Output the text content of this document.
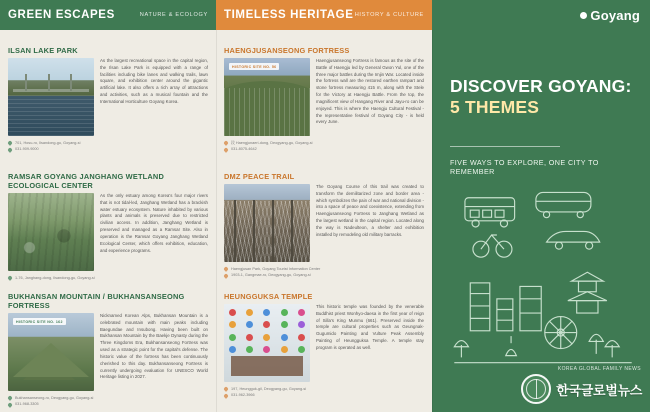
GREEN ESCAPES	NATURE & ECOLOGY TIMELESS HERITAGE HISTORY & CULTURE	Goyang
ILSAN LAKE PARK
As the largest recreational space in the capital region, the Ilsan Lake Park is equipped with a range of facilities including bike lanes and walking trails, lawn square, and exhibition center around the gigantic artificial lake. It also offers a rich array of attractions and activities, such as a musical fountain and the International Horticulture Goyang Korea.
701, Hosu-ro, Ilsandong-gu, Goyang-si
031-909-9000
RAMSAR GOYANG JANGHANG WETLAND ECOLOGICAL CENTER
As the only estuary among Korea's four major rivers that is not tidal-led, Janghang Wetland has a brackish water estuary ecosystem. Nature inhabited by various plants and animals is preserved due to restricted civilian access. In addition, Janghang Wetland is preserved and managed as a Ramsar Site. Also in operation is the Ramsar Goyang Janghang Wetland Ecological Center, which offers exhibition, education, and experience programs.
1-76, Janghang-dong, Ilsandong-gu, Goyang-si
BUKHANSAN MOUNTAIN / BUKHANSANSEONG FORTRESS
HISTORIC SITE NO. 162
Nicknamed Korean Alps, Bukhansan Mountain is a celebrated mountain with main peaks including Baegundae and Insubong. Having been built on Bukhansan Mountain by the Baekje Dynasty during the Three Kingdoms Era, Bukhansanseong Fortress was used as a strategic point for the capital's defense. The historic value of the fortress has been continuously cherished to this day. Bukhansanseong Fortress is currently undergoing evaluation for UNESCO World Heritage listing in 2027.
Bukhansanseong-ro, Deogyang-gu, Goyang-si
031-968-3305
HAENGJUSANSEONG FORTRESS
HISTORIC SITE NO. 56
Haengjusanseong Fortress is famous as the site of the Battle of Haengju led by General Gwon Yul, one of the three major battles during the Imjin War. Located inside the fortress wall are the restored earthen rampart and stone fortress measuring 415 m, along with the Stele for the Victory at Haengju Battle. From the top, the magnificent view of Hangang River and Jayu-ro can be enjoyed. This is where the Haengju Cultural Festival - the representative festival of Goyang City - is held every June.
段 Haengjunaeri-dong, Deogyang-gu, Goyang-si
031-8075-4642
DMZ PEACE TRAIL
The Goyang Course of this trail was created to transform the demilitarized zone and border area - which symbolizes the pain of war and national division - into a space of peace and coexistence, extending from Haengjusanseong Fortress to Janghang Wetland as the largest wetland in the capital region. Located along the way is Nadeulteon, a shelter and exhibition installed by remodeling old military barracks.
Haengjusan Park, Goyang Tourist Information Center
1903-1, Gangmae-ro, Deogyang-gu, Goyang-si
HEUNGGUKSA TEMPLE
This historic temple was founded by the venerable Buddhist priest Wonhyo-daesa in the first year of reign of Silla's King Munmu (661). Preserved inside the temple are cultural properties such as Geungnak-Gugumido Painting and Vulture Peak Assembly Painting of Heungguksa Temple. A temple stay program is operated as well.
197, Heungguk-gil, Deogyang-gu, Goyang-si
031-962-3966
DISCOVER GOYANG:
5 THEMES
FIVE WAYS TO EXPLORE, ONE CITY TO REMEMBER
KOREA GLOBAL FAMILY NEWS
한국글로벌뉴스
